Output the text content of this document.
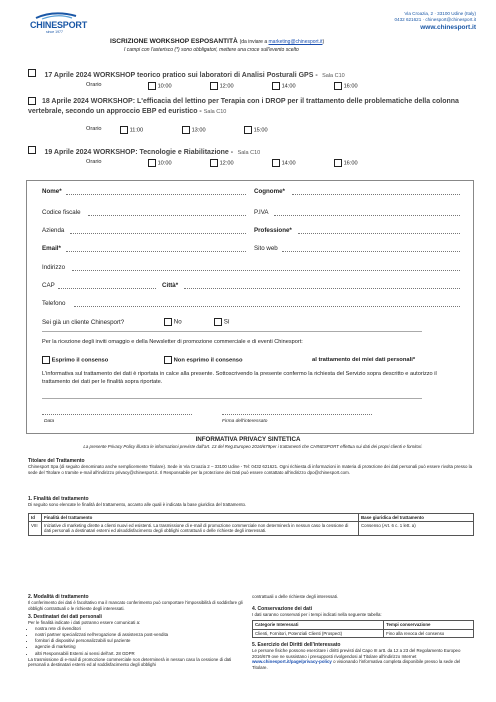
CHINESPORT
since 1977
Via Croazia, 2 · 33100 Udine (Italy)
0432 621621 · chinesport@chinesport.it
www.chinesport.it
ISCRIZIONE WORKSHOP ESPOSANTITÀ (da inviare a marketing@chinesport.it)
I campi con l'asterisco (*) sono obbligatori, mettere una croce sull'evento scelto
17 Aprile 2024 WORKSHOP teorico pratico sui laboratori di Analisi Posturali GPS - Sala C10
Orario	10:00	12:00	14:00	16:00
18 Aprile 2024 WORKSHOP: L'efficacia del lettino per Terapia con i DROP per il trattamento delle problematiche della colonna vertebrale, secondo un approccio EBP ed euristico - Sala C10
Orario	11:00	13:00	15:00
19 Aprile 2024 WORKSHOP: Tecnologie e Riabilitazione - Sala C10
Orario	10:00	12:00	14:00	16:00
Nome*	Cognome*
Codice fiscale	P.IVA
Azienda	Professione*
Email*	Sito web
Indirizzo
CAP	Città*
Telefono
Sei già un cliente Chinesport?	No	Sì
Per la ricezione degli inviti omaggio e della Newsletter di promozione commerciale e di eventi Chinesport:
Esprimo il consenso	Non esprimo il consenso	al trattamento dei miei dati personali*
L'informativa sul trattamento dei dati è riportata in calce alla presente. Sottoscrivendo la presente confermo la richiesta del Servizio sopra descritto e autorizzo il trattamento dei dati per le finalità sopra riportate.
Data	Firma dell'interessato
INFORMATIVA PRIVACY SINTETICA
La presente Privacy Policy illustra le informazioni previste dall'art. 13 del Reg.Europeo 2016/679per i trattamenti che CHINESPORT effettua sui dati dei propri clienti e fornitori.
Titolare del Trattamento
Chinesport Spa (di seguito denominato anche semplicemente Titolare). Sede in Via Croazia 2 – 33100 Udine - Tel: 0432 621621. Ogni richiesta di informazioni in materia di protezione dei dati personali può essere rivolta presso la sede del Titolare o tramite e-mail all'indirizzo privacy@chinesport.it. Il Responsabile per la protezione dei Dati può essere contattato all'indirizzo dpo@chinesport.com.
1. Finalità del trattamento
Di seguito sono elencate le finalità del trattamento, accanto alle quali è indicata la base giuridica del trattamento.
Id	Finalità del trattamento	Base giuridica del trattamento
VIII	Iniziative di marketing dirette a clienti nuovi ed esistenti. La trasmissione di e-mail di promozione commerciale non determinerà in nessun caso la cessione di dati personali a destinatari esterni ed alsoddisfacimento degli obblighi contrattuali o delle richieste degli interessati.	Consenso (Art. 6 c. 1 lett. a)
2. Modalità di trattamento
Il conferimento dei dati è facoltativo ma il mancato conferimento può comportare l'impossibilità di soddisfare gli obblighi contrattuali o le richieste degli interessati.
3. Destinatari dei dati personali
Per le finalità indicate i dati potranno essere comunicati a:
• nostra rete di rivenditori
• nostri partner specializzati nell'erogazione di assistenza post-vendita
• fornitori di dispositivi personalizzabili sul paziente
• agenzie di marketing
• altri Responsabili Esterni ai sensi dell'art. 28 GDPR
La trasmissione di e-mail di promozione commerciale non determinerà in nessun caso la cessione di dati personali a destinatari esterni ed al soddisfacimento degli obblighi
contrattuali o delle richieste degli interessati.
4. Conservazione dei dati
I dati saranno conservati per i tempi indicati nella seguente tabella:
Categorie Interessati	Tempi conservazione
Clienti, Fornitori, Potenziali Clienti (Prospect)	Fino alla revoca del consenso
5. Esercizio dei Diritti dell'interessato
Le persone fisiche possono esercitare i diritti previsti dal Capo III artt. da 12 a 23 del Regolamento Europeo 2016/679 ove ne sussistano i presupposti rivolgendosi al Titolare all'indirizzo Internet www.chinesport.it/page/privacy-policy o visionando l'informativa completa disponibile presso la sede del Titolare.
